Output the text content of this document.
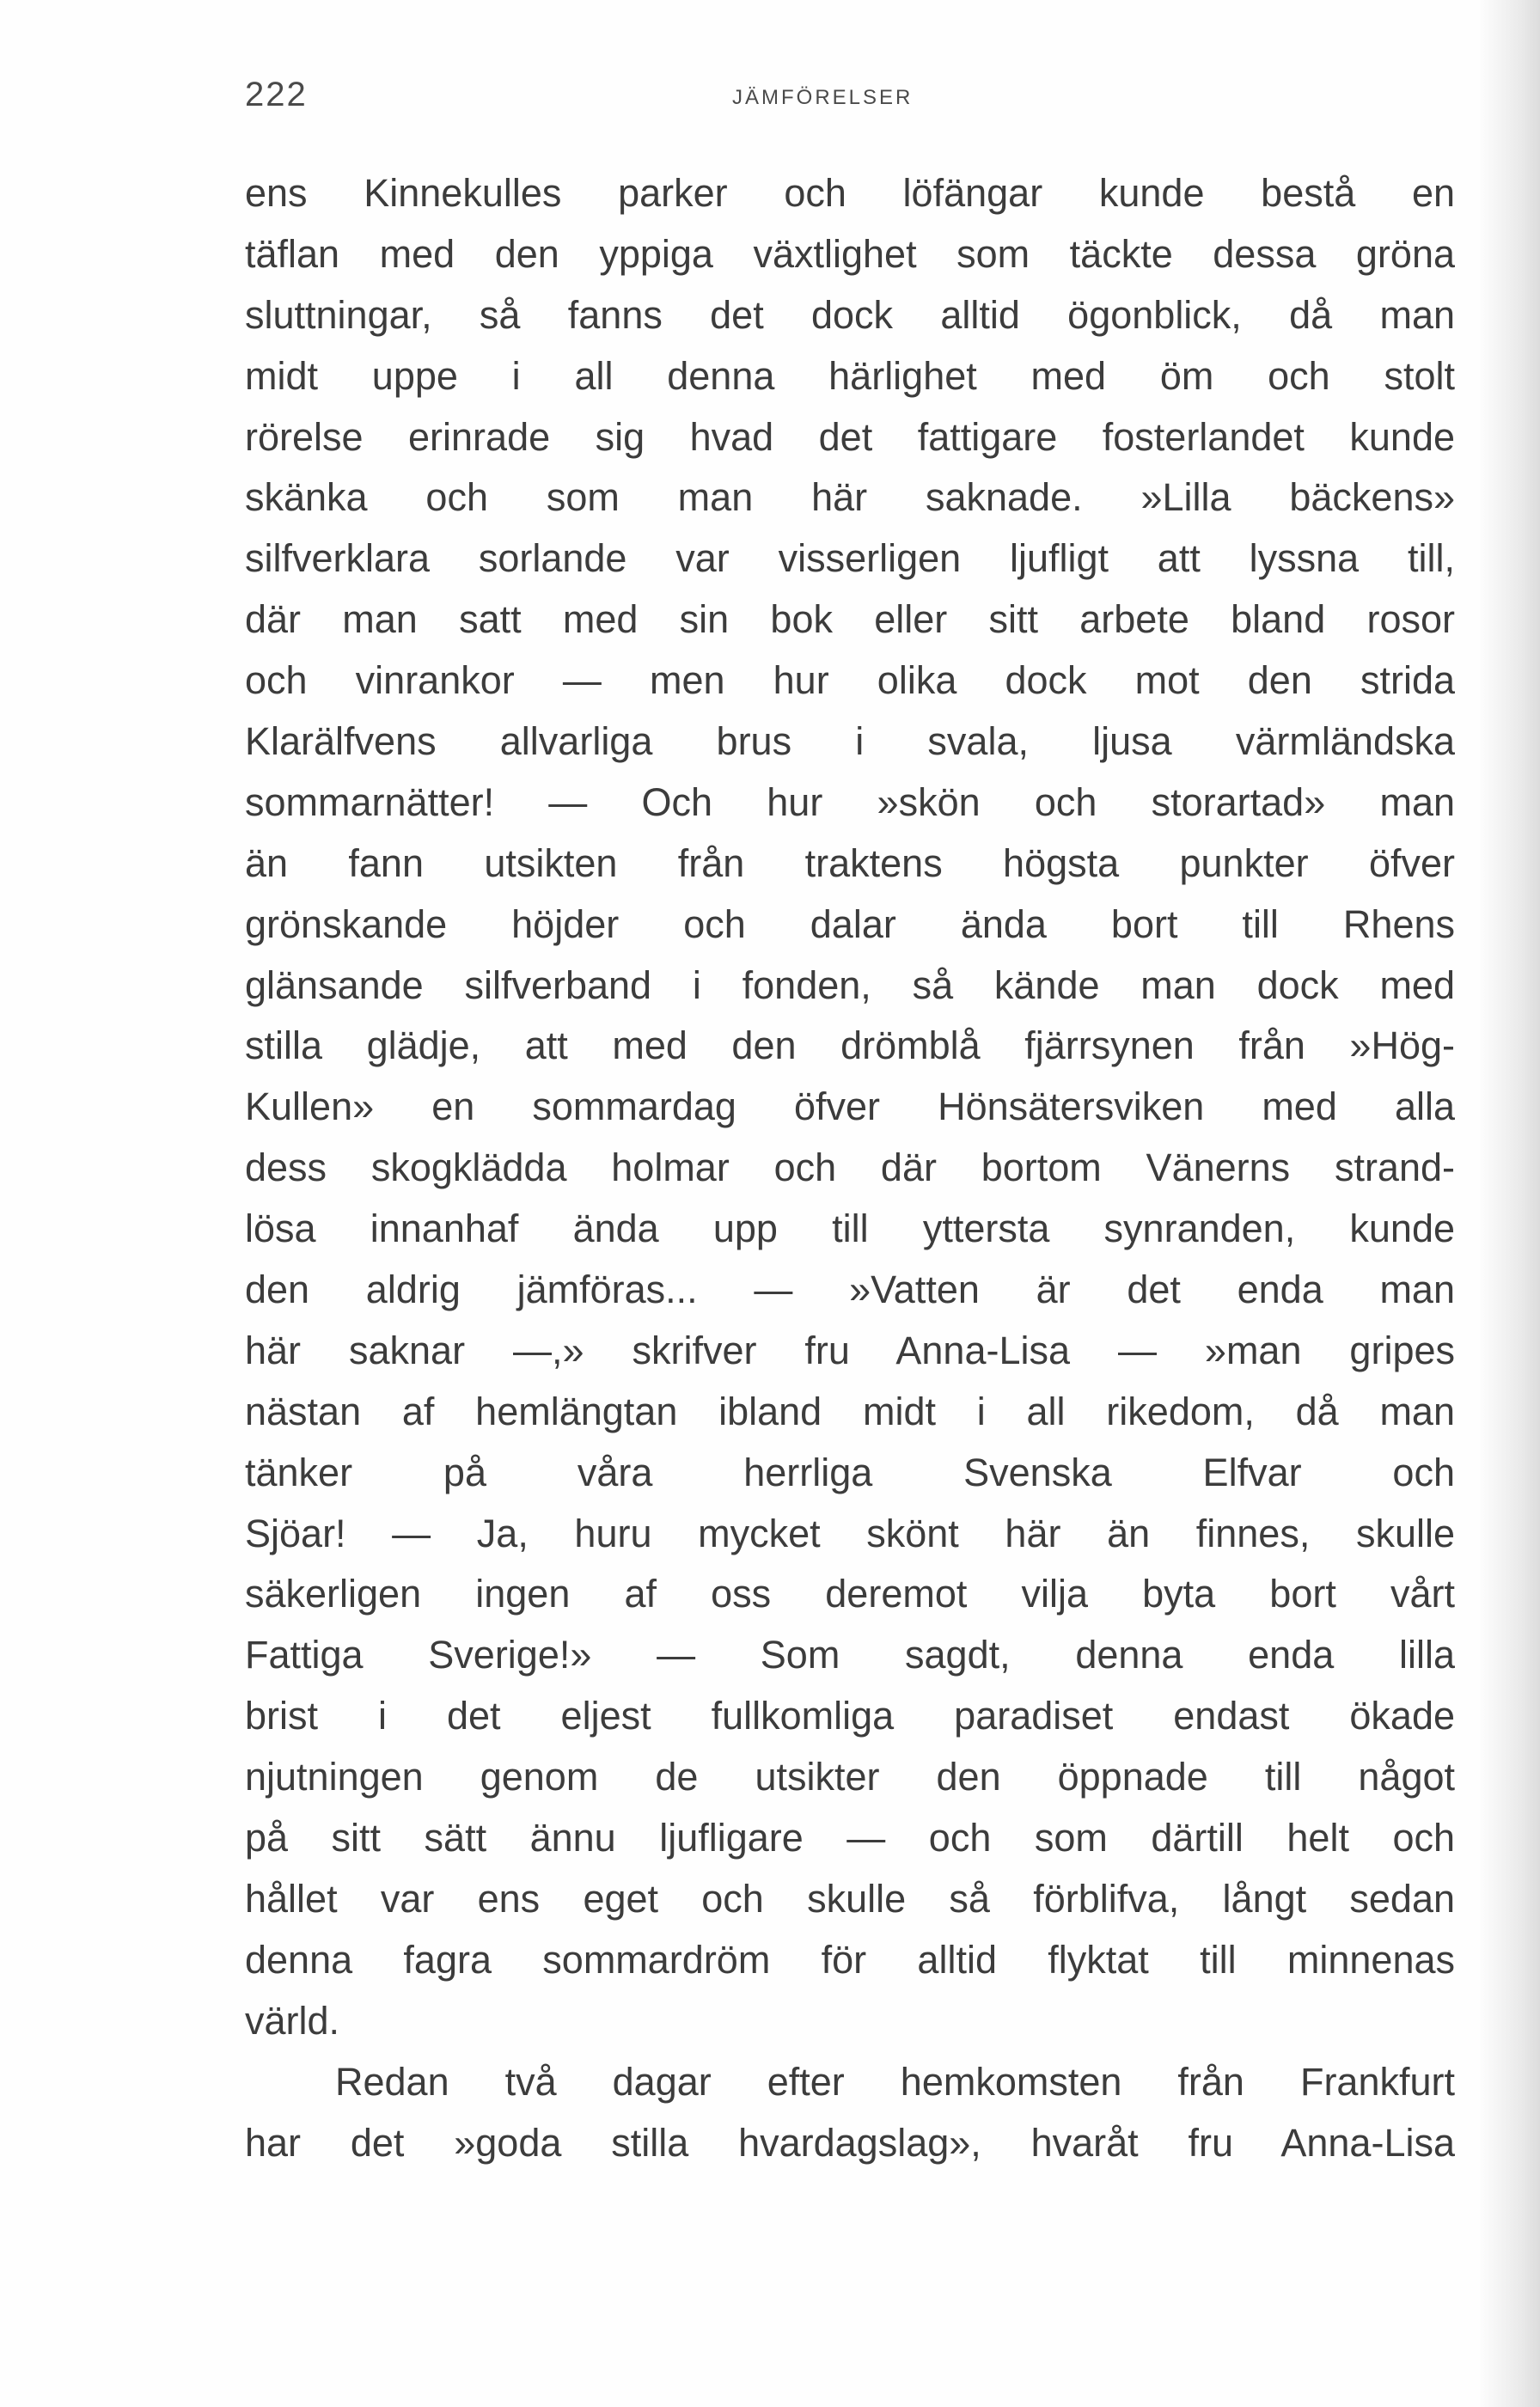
222	JÄMFÖRELSER
ens Kinnekulles parker och löfängar kunde bestå en
täflan med den yppiga växtlighet som täckte dessa gröna
sluttningar, så fanns det dock alltid ögonblick, då man
midt uppe i all denna härlighet med öm och stolt
rörelse erinrade sig hvad det fattigare fosterlandet kunde
skänka och som man här saknade. »Lilla bäckens»
silfverklara sorlande var visserligen ljufligt att lyssna till,
där man satt med sin bok eller sitt arbete bland rosor
och vinrankor — men hur olika dock mot den strida
Klarälfvens allvarliga brus i svala, ljusa värmländska
sommarnätter! — Och hur »skön och storartad» man
än fann utsikten från traktens högsta punkter öfver
grönskande höjder och dalar ända bort till Rhens
glänsande silfverband i fonden, så kände man dock med
stilla glädje, att med den drömblå fjärrsynen från »Hög-
Kullen» en sommardag öfver Hönsätersviken med alla
dess skogklädda holmar och där bortom Vänerns strand-
lösa innanhaf ända upp till yttersta synranden, kunde
den aldrig jämföras... — »Vatten är det enda man
här saknar —,» skrifver fru Anna-Lisa — »man gripes
nästan af hemlängtan ibland midt i all rikedom, då man
tänker på våra herrliga Svenska Elfvar och
Sjöar! — Ja, huru mycket skönt här än finnes, skulle
säkerligen ingen af oss deremot vilja byta bort vårt
Fattiga Sverige!» — Som sagdt, denna enda lilla
brist i det eljest fullkomliga paradiset endast ökade
njutningen genom de utsikter den öppnade till något
på sitt sätt ännu ljufligare — och som därtill helt och
hållet var ens eget och skulle så förblifva, långt sedan
denna fagra sommardröm för alltid flyktat till minnenas
värld.
Redan två dagar efter hemkomsten från Frankfurt
har det »goda stilla hvardagslag», hvaråt fru Anna-Lisa
